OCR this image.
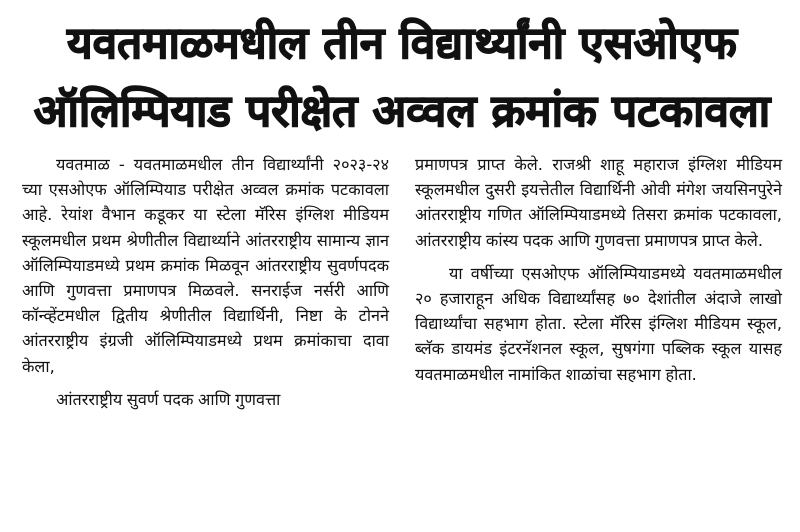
यवतमाळमधील तीन विद्यार्थ्यांनी एसओएफ
ऑलिम्पियाड परीक्षेत अव्वल क्रमांक पटकावला

यवतमाळ - यवतमाळमधील तीन विद्यार्थ्यांनी २०२३-२४ च्या एसओएफ ऑलिम्पियाड परीक्षेत अव्वल क्रमांक पटकावला आहे. रेयांश वैभान कडूकर या स्टेला मॅरिस इंग्लिश मीडियम स्कूलमधील प्रथम श्रेणीतील विद्यार्थ्याने आंतरराष्ट्रीय सामान्य ज्ञान ऑलिम्पियाडमध्ये प्रथम क्रमांक मिळवून आंतरराष्ट्रीय सुवर्णपदक आणि गुणवत्ता प्रमाणपत्र मिळवले. सनराईज नर्सरी आणि कॉन्व्हेंटमधील द्वितीय श्रेणीतील विद्यार्थिनी, निष्टा के टोनने आंतरराष्ट्रीय इंग्रजी ऑलिम्पियाडमध्ये प्रथम क्रमांकाचा दावा केला,

आंतरराष्ट्रीय सुवर्ण पदक आणि गुणवत्ता

प्रमाणपत्र प्राप्त केले. राजश्री शाहू महाराज इंग्लिश मीडियम स्कूलमधील दुसरी इयत्तेतील विद्यार्थिनी ओवी मंगेश जयसिनपुरेने आंतरराष्ट्रीय गणित ऑलिम्पियाडमध्ये तिसरा क्रमांक पटकावला, आंतरराष्ट्रीय कांस्य पदक आणि गुणवत्ता प्रमाणपत्र प्राप्त केले.

या वर्षीच्या एसओएफ ऑलिम्पियाडमध्ये यवतमाळमधील २० हजाराहून अधिक विद्यार्थ्यांसह ७० देशांतील अंदाजे लाखो विद्यार्थ्यांचा सहभाग होता. स्टेला मॅरिस इंग्लिश मीडियम स्कूल, ब्लॅक डायमंड इंटरनॅशनल स्कूल, सुषगंगा पब्लिक स्कूल यासह यवतमाळमधील नामांकित शाळांचा सहभाग होता.
